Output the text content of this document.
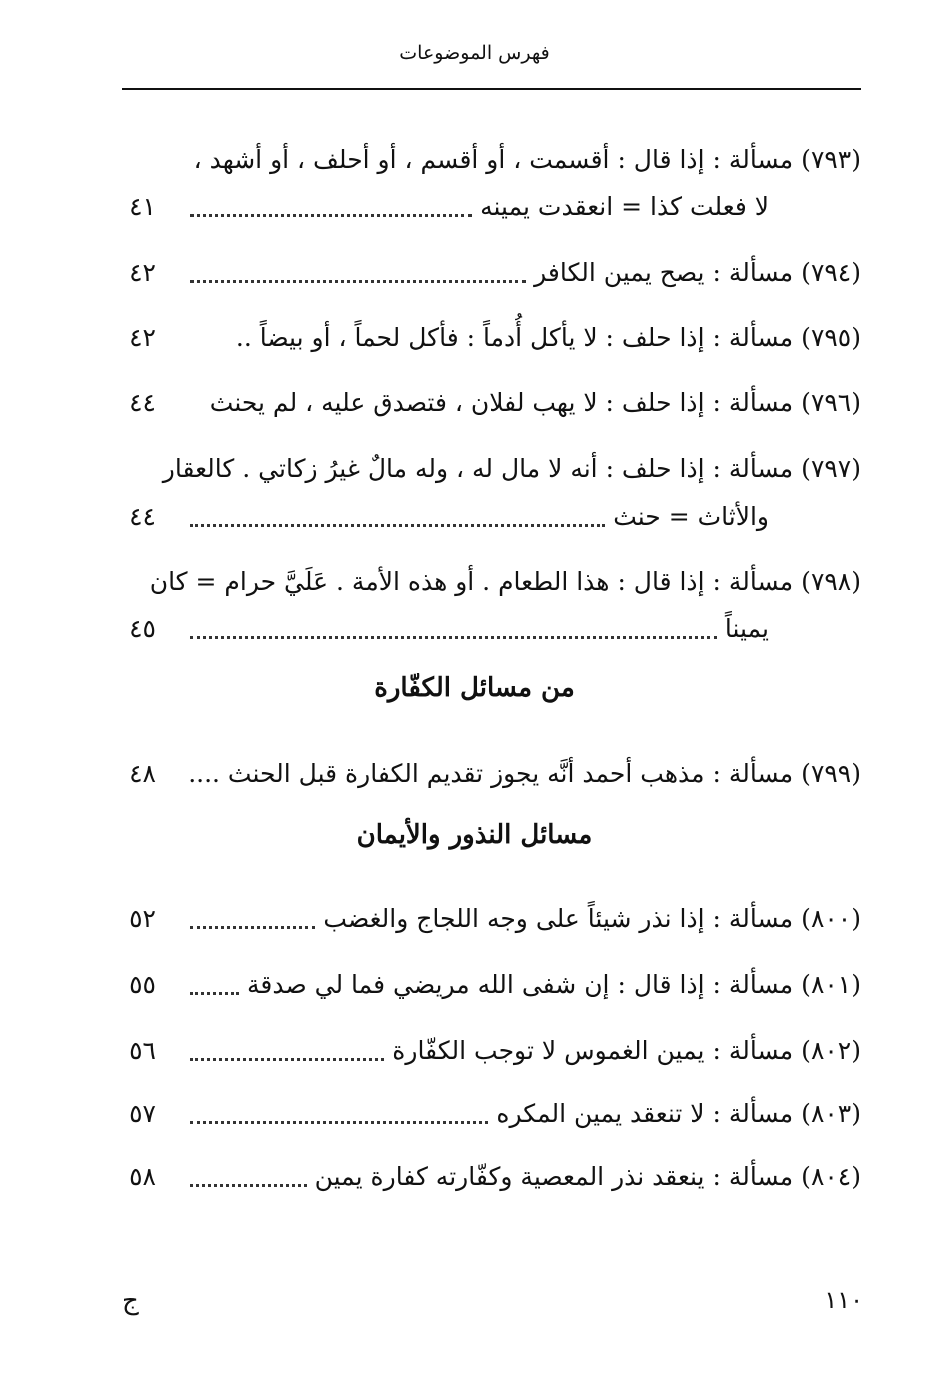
فهرس الموضوعات
(٧٩٣)
مسألة : إذا قال : أقسمت ، أو أقسم ، أو أحلف ، أو أشهد ،
لا فعلت كذا = انعقدت يمينه
٤١
(٧٩٤)
مسألة : يصح يمين الكافر
٤٢
(٧٩٥)
مسألة : إذا حلف : لا يأكل أُدماً : فأكل لحماً ، أو بيضاً ..
٤٢
(٧٩٦)
مسألة : إذا حلف : لا يهب لفلان ، فتصدق عليه ، لم يحنث
٤٤
(٧٩٧)
مسألة : إذا حلف : أنه لا مال له ، وله مالٌ غيرُ زكاتي . كالعقار
والأثاث = حنث
٤٤
(٧٩٨)
مسألة : إذا قال : هذا الطعام . أو هذه الأمة . عَلَيَّ حرام = كان
يميناً
٤٥
من مسائل الكفّارة
(٧٩٩)
مسألة : مذهب أحمد أنَّه يجوز تقديم الكفارة قبل الحنث ....
٤٨
مسائل النذور والأيمان
(٨٠٠)
مسألة : إذا نذر شيئاً على وجه اللجاج والغضب
٥٢
(٨٠١)
مسألة : إذا قال : إن شفى الله مريضي فما لي صدقة
٥٥
(٨٠٢)
مسألة : يمين الغموس لا توجب الكفّارة
٥٦
(٨٠٣)
مسألة : لا تنعقد يمين المكره
٥٧
(٨٠٤)
مسألة : ينعقد نذر المعصية وكفّارته كفارة يمين
٥٨
١١٠
ج
